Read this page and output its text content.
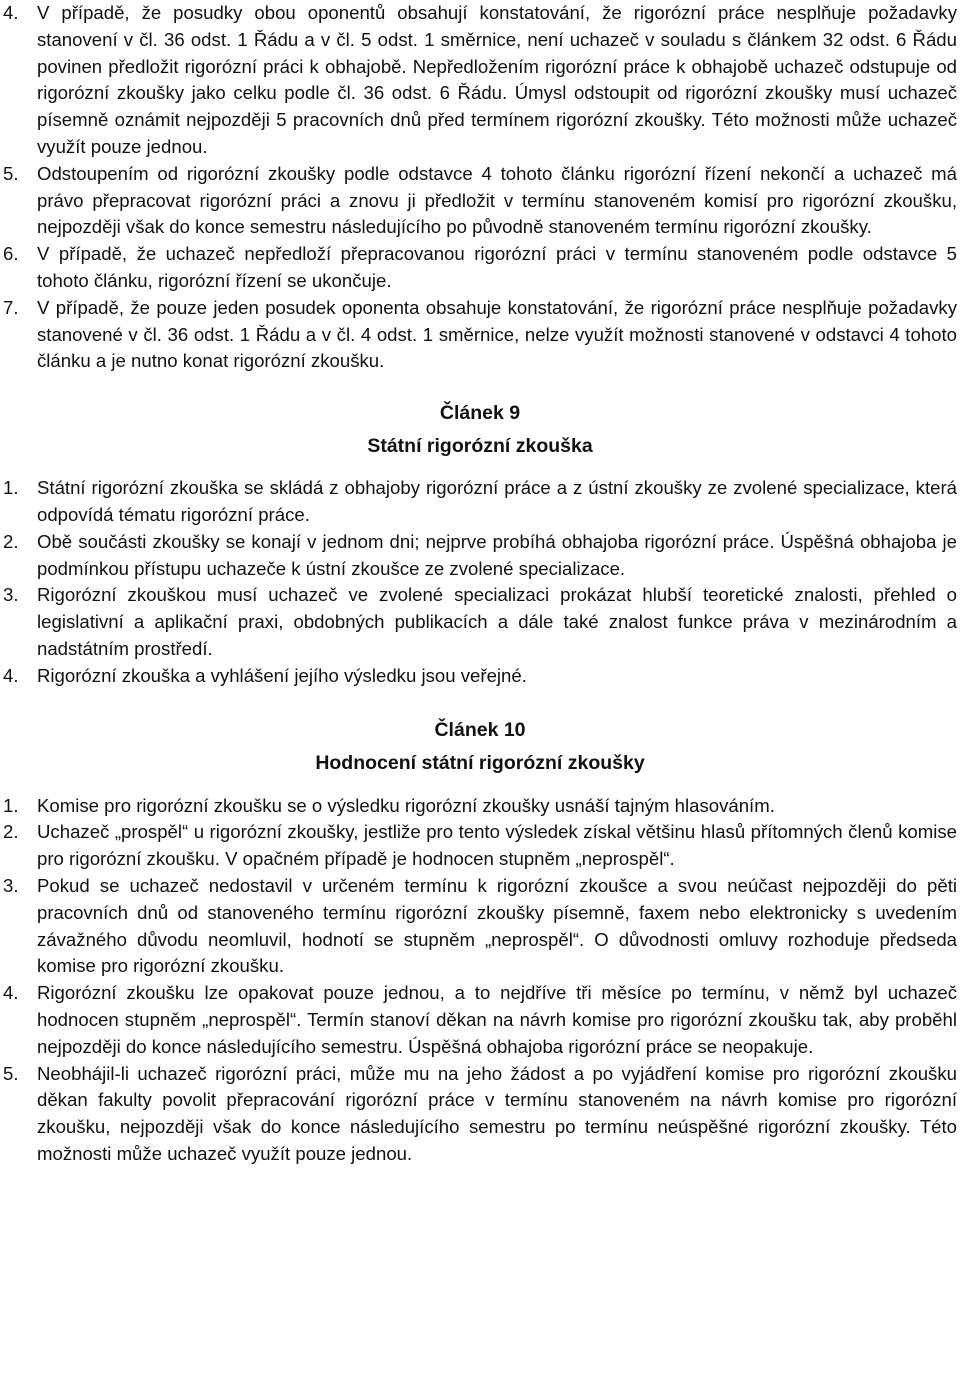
4. V případě, že posudky obou oponentů obsahují konstatování, že rigorózní práce nesplňuje požadavky stanovení v čl. 36 odst. 1 Řádu a v čl. 5 odst. 1 směrnice, není uchazeč v souladu s článkem 32 odst. 6 Řádu povinen předložit rigorózní práci k obhajobě. Nepředložením rigorózní práce k obhajobě uchazeč odstupuje od rigorózní zkoušky jako celku podle čl. 36 odst. 6 Řádu. Úmysl odstoupit od rigorózní zkoušky musí uchazeč písemně oznámit nejpozději 5 pracovních dnů před termínem rigorózní zkoušky. Této možnosti může uchazeč využít pouze jednou.
5. Odstoupením od rigorózní zkoušky podle odstavce 4 tohoto článku rigorózní řízení nekončí a uchazeč má právo přepracovat rigorózní práci a znovu ji předložit v termínu stanoveném komisí pro rigorózní zkoušku, nejpozději však do konce semestru následujícího po původně stanoveném termínu rigorózní zkoušky.
6. V případě, že uchazeč nepředloží přepracovanou rigorózní práci v termínu stanoveném podle odstavce 5 tohoto článku, rigorózní řízení se ukončuje.
7. V případě, že pouze jeden posudek oponenta obsahuje konstatování, že rigorózní práce nesplňuje požadavky stanovené v čl. 36 odst. 1 Řádu a v čl. 4 odst. 1 směrnice, nelze využít možnosti stanovené v odstavci 4 tohoto článku a je nutno konat rigorózní zkoušku.
Článek 9
Státní rigorózní zkouška
1. Státní rigorózní zkouška se skládá z obhajoby rigorózní práce a z ústní zkoušky ze zvolené specializace, která odpovídá tématu rigorózní práce.
2. Obě součásti zkoušky se konají v jednom dni; nejprve probíhá obhajoba rigorózní práce. Úspěšná obhajoba je podmínkou přístupu uchazeče k ústní zkoušce ze zvolené specializace.
3. Rigorózní zkouškou musí uchazeč ve zvolené specializaci prokázat hlubší teoretické znalosti, přehled o legislativní a aplikační praxi, obdobných publikacích a dále také znalost funkce práva v mezinárodním a nadstátním prostředí.
4. Rigorózní zkouška a vyhlášení jejího výsledku jsou veřejné.
Článek 10
Hodnocení státní rigorózní zkoušky
1. Komise pro rigorózní zkoušku se o výsledku rigorózní zkoušky usnáší tajným hlasováním.
2. Uchazeč „prospěl“ u rigorózní zkoušky, jestliže pro tento výsledek získal většinu hlasů přítomných členů komise pro rigorózní zkoušku. V opačném případě je hodnocen stupněm „neprospěl“.
3. Pokud se uchazeč nedostavil v určeném termínu k rigorózní zkoušce a svou neúčast nejpozději do pěti pracovních dnů od stanoveného termínu rigorózní zkoušky písemně, faxem nebo elektronicky s uvedením závažného důvodu neomluvil, hodnotí se stupněm „neprospěl“. O důvodnosti omluvy rozhoduje předseda komise pro rigorózní zkoušku.
4. Rigorózní zkoušku lze opakovat pouze jednou, a to nejdříve tři měsíce po termínu, v němž byl uchazeč hodnocen stupněm „neprospěl“. Termín stanoví děkan na návrh komise pro rigorózní zkoušku tak, aby proběhl nejpozději do konce následujícího semestru. Úspěšná obhajoba rigorózní práce se neopakuje.
5. Neobhájil-li uchazeč rigorózní práci, může mu na jeho žádost a po vyjádření komise pro rigorózní zkoušku děkan fakulty povolit přepracování rigorózní práce v termínu stanoveném na návrh komise pro rigorózní zkoušku, nejpozději však do konce následujícího semestru po termínu neúspěšné rigorózní zkoušky. Této možnosti může uchazeč využít pouze jednou.
